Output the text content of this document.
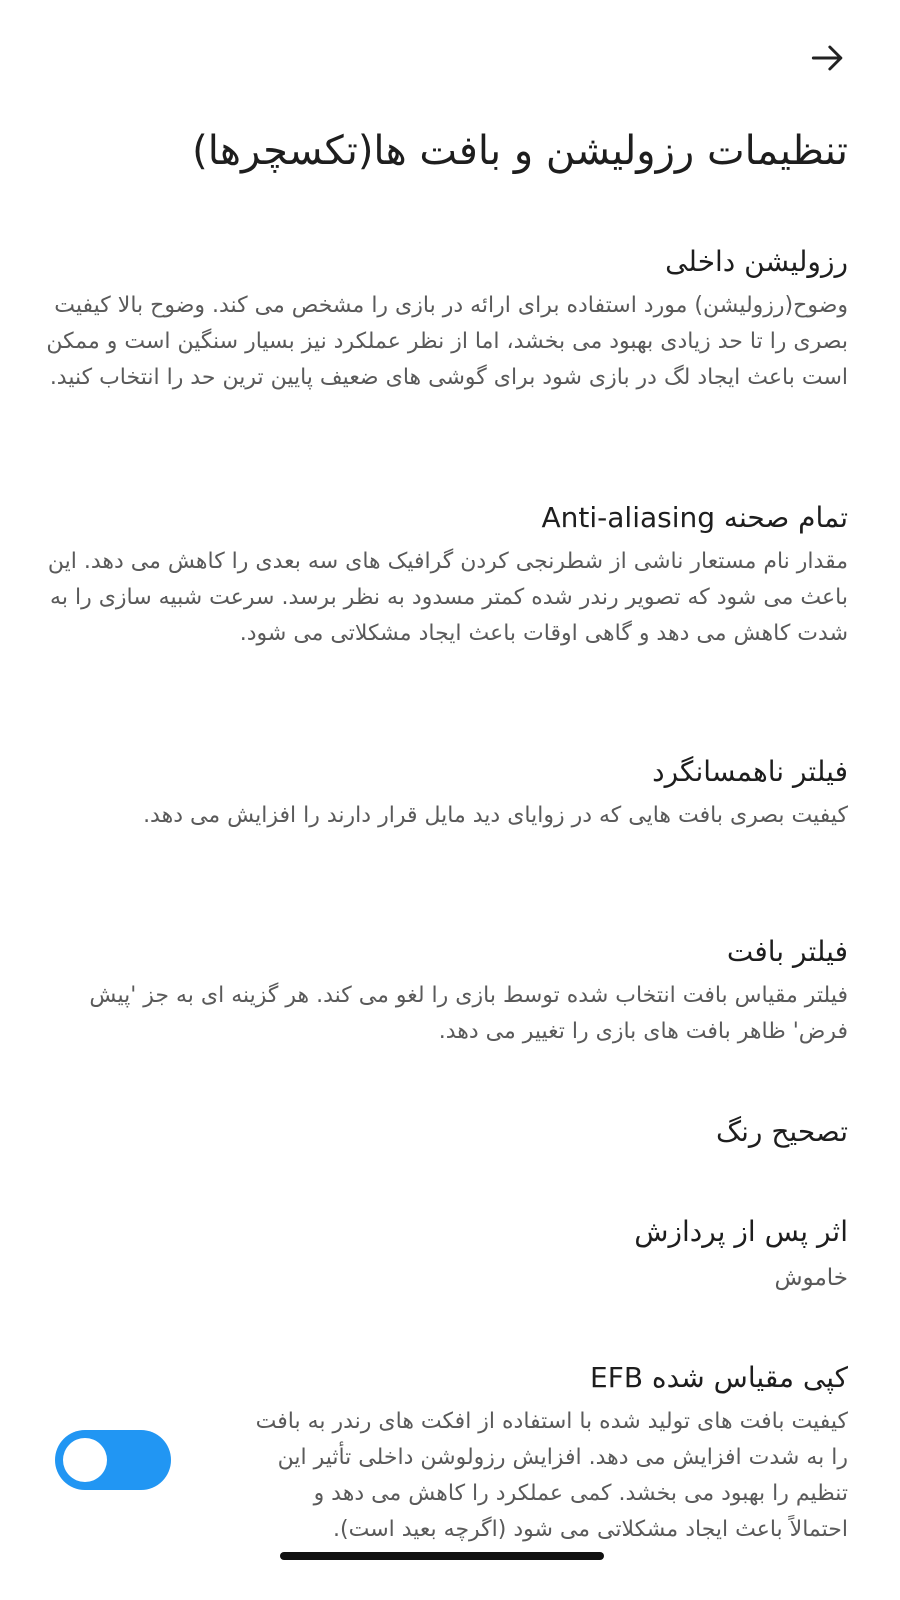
تنظیمات رزولیشن و بافت ها(تکسچرها)

رزولیشن داخلی

وضوح(رزولیشن) مورد استفاده برای ارائه در بازی را مشخص می کند. وضوح بالا کیفیت بصری را تا حد زیادی بهبود می بخشد، اما از نظر عملکرد نیز بسیار سنگین است و ممکن است باعث ایجاد لگ در بازی شود برای گوشی های ضعیف پایین ترین حد را انتخاب کنید.

تمام صحنه Anti-aliasing

مقدار نام مستعار ناشی از شطرنجی کردن گرافیک های سه بعدی را کاهش می دهد. این باعث می شود که تصویر رندر شده کمتر مسدود به نظر برسد. سرعت شبیه سازی را به شدت کاهش می دهد و گاهی اوقات باعث ایجاد مشکلاتی می شود.

فیلتر ناهمسانگرد

کیفیت بصری بافت هایی که در زوایای دید مایل قرار دارند را افزایش می دهد.

فیلتر بافت

فیلتر مقیاس بافت انتخاب شده توسط بازی را لغو می کند. هر گزینه ای به جز 'پیش فرض' ظاهر بافت های بازی را تغییر می دهد.

تصحیح رنگ

اثر پس از پردازش

خاموش

کپی مقیاس شده EFB

کیفیت بافت های تولید شده با استفاده از افکت های رندر به بافت را به شدت افزایش می دهد. افزایش رزولوشن داخلی تأثیر این تنظیم را بهبود می بخشد. کمی عملکرد را کاهش می دهد و احتمالاً باعث ایجاد مشکلاتی می شود (اگرچه بعید است).
